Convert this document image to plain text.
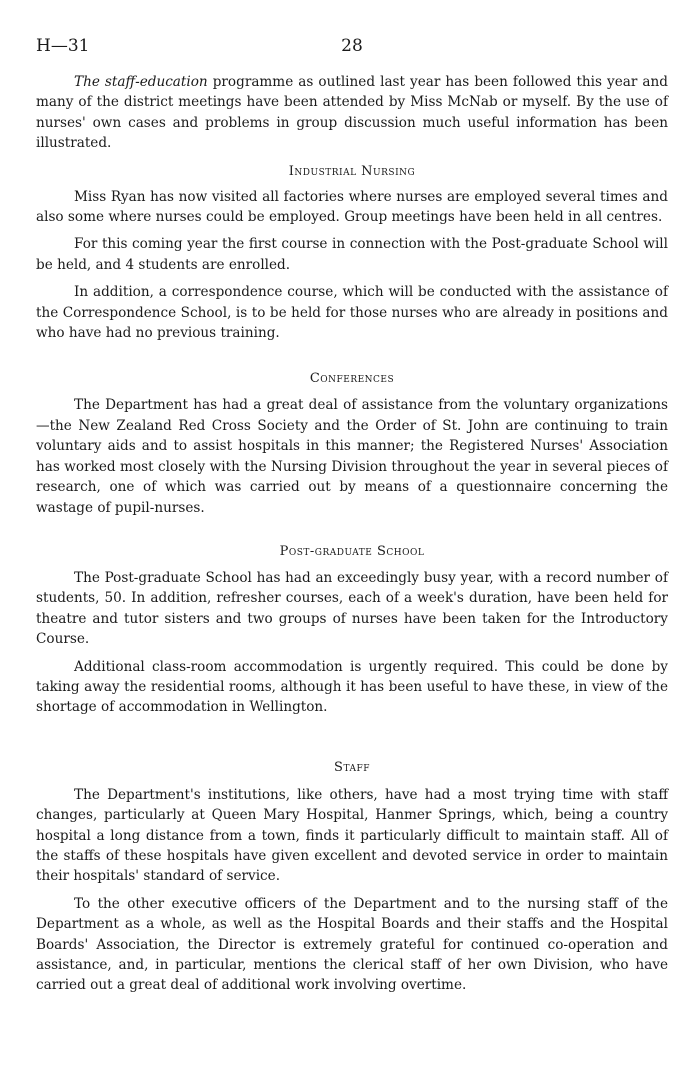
H—31	28

The staff-education programme as outlined last year has been followed this year and many of the district meetings have been attended by Miss McNab or myself. By the use of nurses' own cases and problems in group discussion much useful information has been illustrated.

Industrial Nursing

Miss Ryan has now visited all factories where nurses are employed several times and also some where nurses could be employed. Group meetings have been held in all centres.

For this coming year the first course in connection with the Post-graduate School will be held, and 4 students are enrolled.

In addition, a correspondence course, which will be conducted with the assistance of the Correspondence School, is to be held for those nurses who are already in positions and who have had no previous training.

Conferences

The Department has had a great deal of assistance from the voluntary organizations—the New Zealand Red Cross Society and the Order of St. John are continuing to train voluntary aids and to assist hospitals in this manner; the Registered Nurses' Association has worked most closely with the Nursing Division throughout the year in several pieces of research, one of which was carried out by means of a questionnaire concerning the wastage of pupil-nurses.

Post-graduate School

The Post-graduate School has had an exceedingly busy year, with a record number of students, 50. In addition, refresher courses, each of a week's duration, have been held for theatre and tutor sisters and two groups of nurses have been taken for the Introductory Course.

Additional class-room accommodation is urgently required. This could be done by taking away the residential rooms, although it has been useful to have these, in view of the shortage of accommodation in Wellington.

Staff

The Department's institutions, like others, have had a most trying time with staff changes, particularly at Queen Mary Hospital, Hanmer Springs, which, being a country hospital a long distance from a town, finds it particularly difficult to maintain staff. All of the staffs of these hospitals have given excellent and devoted service in order to maintain their hospitals' standard of service.

To the other executive officers of the Department and to the nursing staff of the Department as a whole, as well as the Hospital Boards and their staffs and the Hospital Boards' Association, the Director is extremely grateful for continued co-operation and assistance, and, in particular, mentions the clerical staff of her own Division, who have carried out a great deal of additional work involving overtime.
